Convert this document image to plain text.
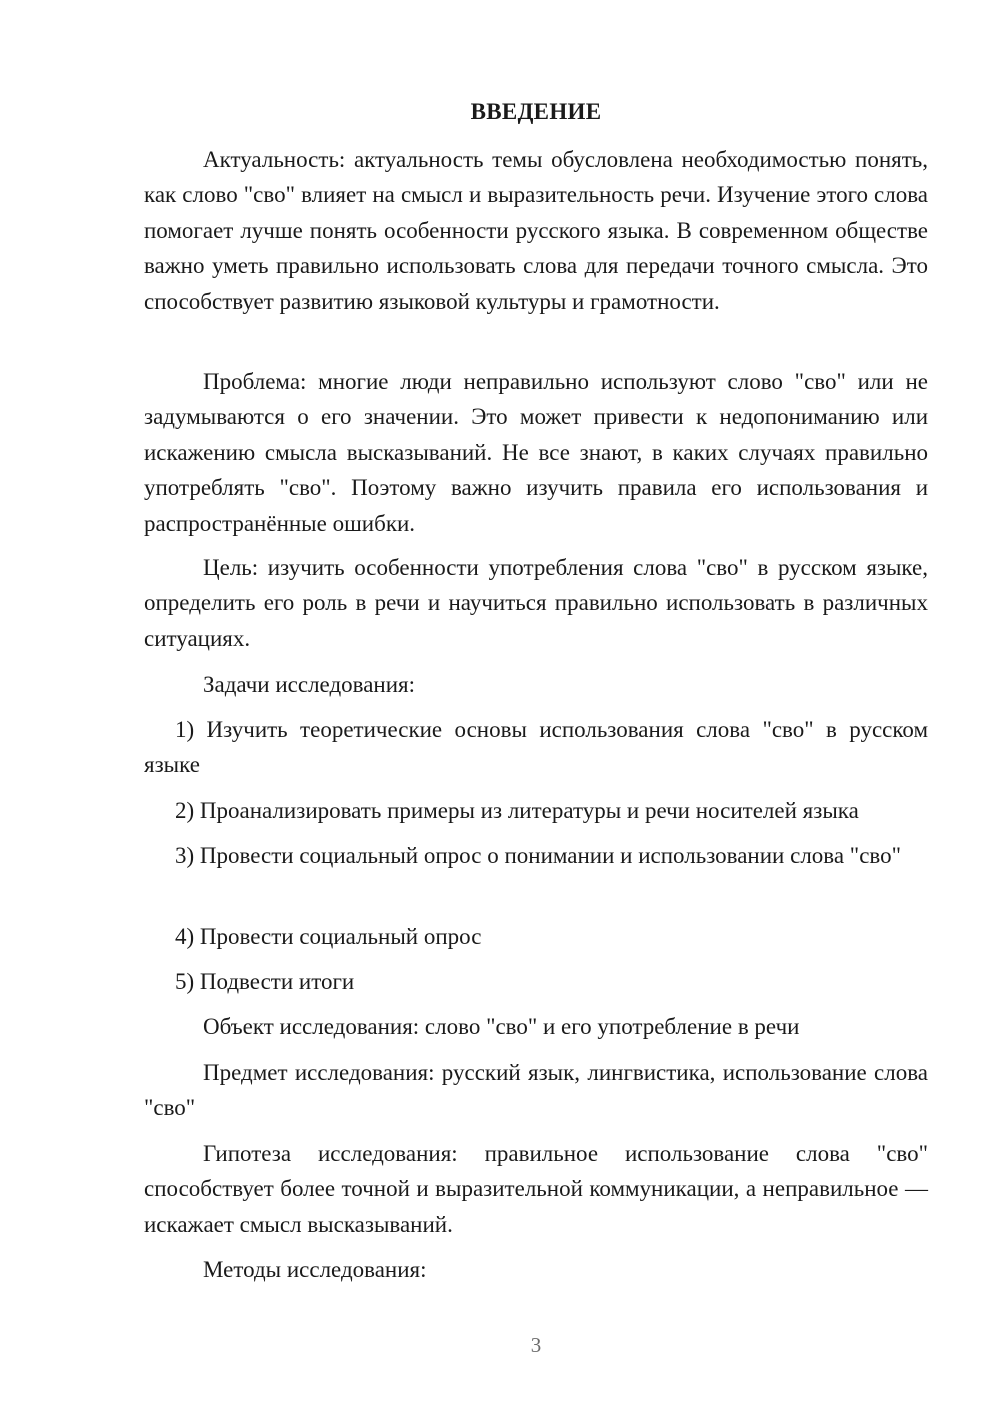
ВВЕДЕНИЕ

Актуальность: актуальность темы обусловлена необходимостью понять, как слово "сво" влияет на смысл и выразительность речи. Изучение этого слова помогает лучше понять особенности русского языка. В современном обществе важно уметь правильно использовать слова для передачи точного смысла. Это способствует развитию языковой культуры и грамотности.

Проблема: многие люди неправильно используют слово "сво" или не задумываются о его значении. Это может привести к недопониманию или искажению смысла высказываний. Не все знают, в каких случаях правильно употреблять "сво". Поэтому важно изучить правила его использования и распространённые ошибки.

Цель: изучить особенности употребления слова "сво" в русском языке, определить его роль в речи и научиться правильно использовать в различных ситуациях.

Задачи исследования:

1) Изучить теоретические основы использования слова "сво" в русском языке

2) Проанализировать примеры из литературы и речи носителей языка

3) Провести социальный опрос о понимании и использовании слова "сво"

4) Провести социальный опрос

5) Подвести итоги

Объект исследования: слово "сво" и его употребление в речи

Предмет исследования: русский язык, лингвистика, использование слова "сво"

Гипотеза исследования: правильное использование слова "сво" способствует более точной и выразительной коммуникации, а неправильное — искажает смысл высказываний.

Методы исследования:

3
